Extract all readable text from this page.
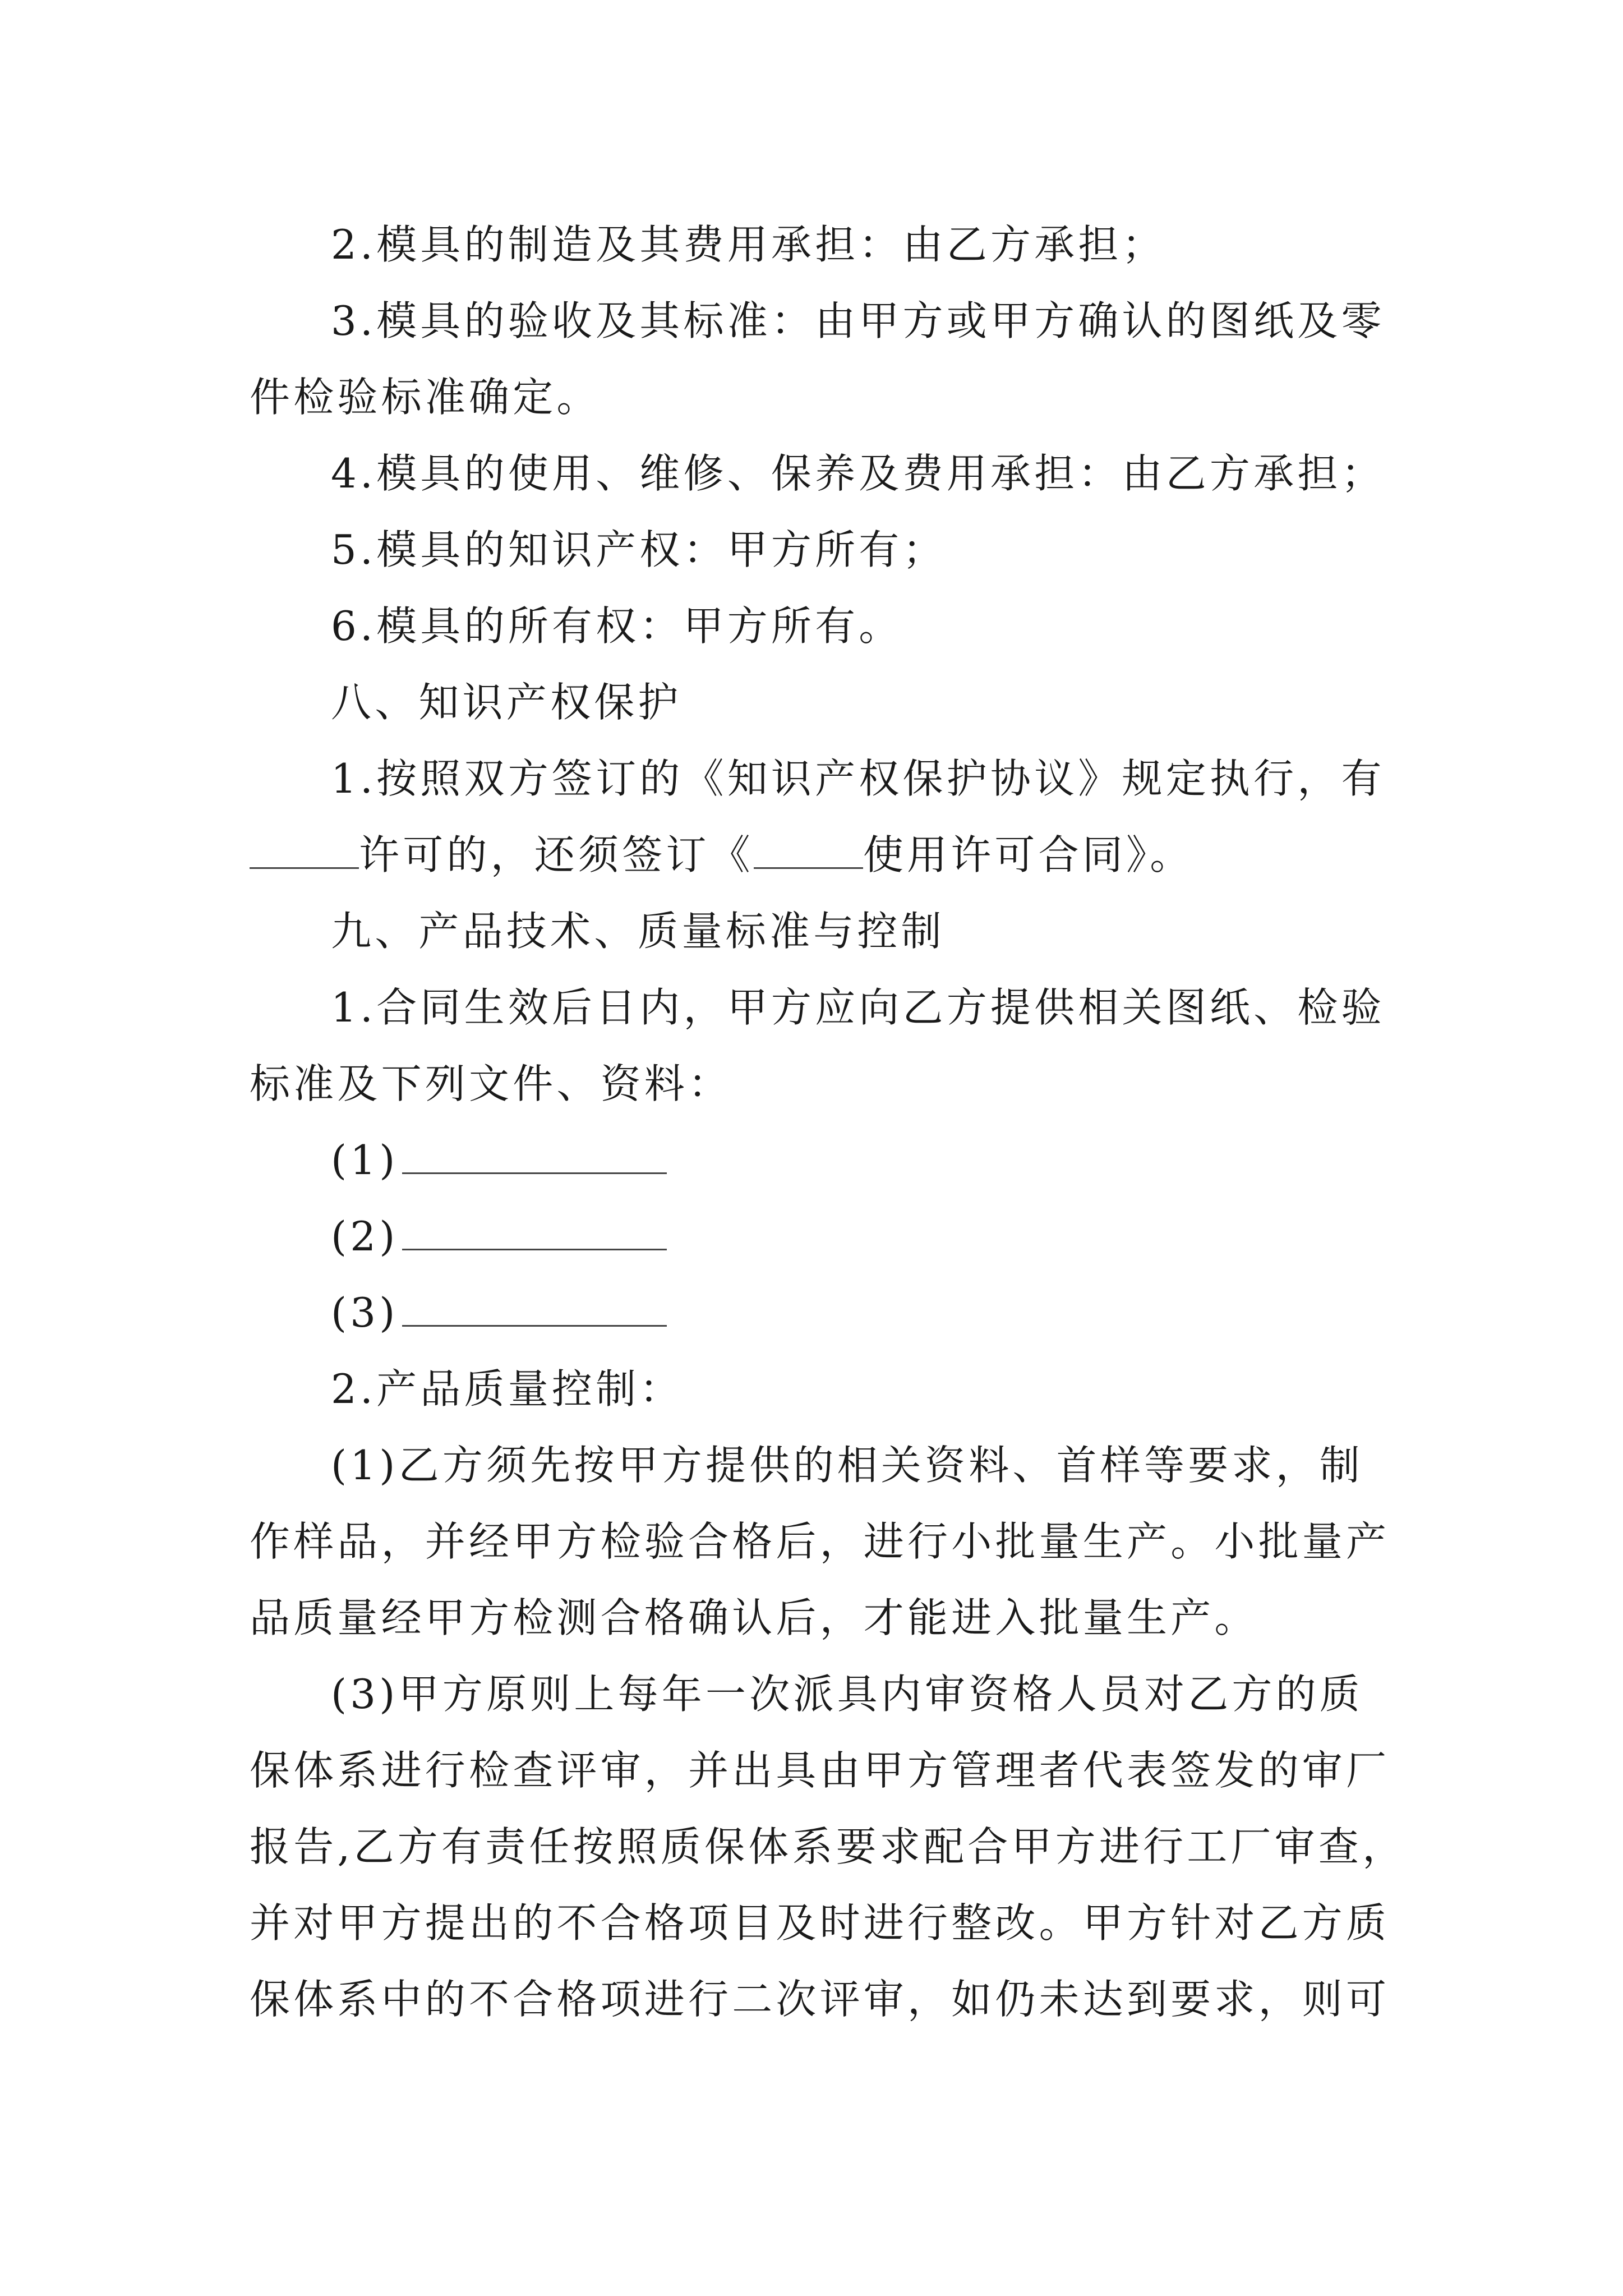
2.模具的制造及其费用承担：由乙方承担；
3.模具的验收及其标准：由甲方或甲方确认的图纸及零
件检验标准确定。
4.模具的使用、维修、保养及费用承担：由乙方承担；
5.模具的知识产权：甲方所有；
6.模具的所有权：甲方所有。
八、知识产权保护
1.按照双方签订的《知识产权保护协议》规定执行，有
许可的，还须签订《	使用许可合同》。
九、产品技术、质量标准与控制
1.合同生效后日内，甲方应向乙方提供相关图纸、检验
标准及下列文件、资料：
(1)
(2)
(3)
2.产品质量控制：
(1)乙方须先按甲方提供的相关资料、首样等要求，制
作样品，并经甲方检验合格后，进行小批量生产。小批量产
品质量经甲方检测合格确认后，才能进入批量生产。
(3)甲方原则上每年一次派具内审资格人员对乙方的质
保体系进行检查评审，并出具由甲方管理者代表签发的审厂
报告,乙方有责任按照质保体系要求配合甲方进行工厂审查，
并对甲方提出的不合格项目及时进行整改。甲方针对乙方质
保体系中的不合格项进行二次评审，如仍未达到要求，则可
